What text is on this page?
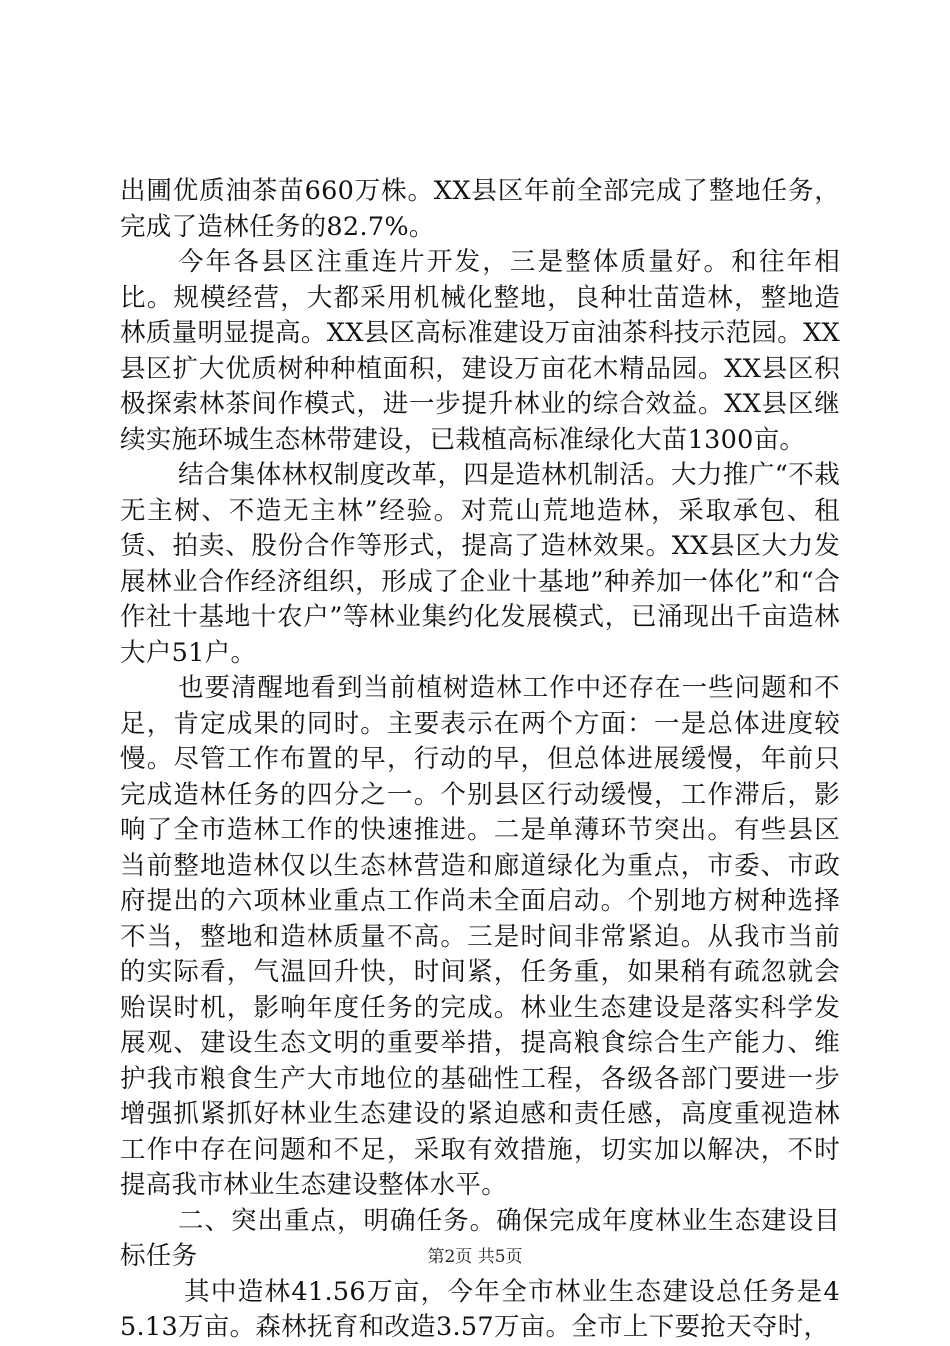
出圃优质油茶苗660万株。XX县区年前全部完成了整地任务，完成了造林任务的82.7%。

今年各县区注重连片开发，三是整体质量好。和往年相比。规模经营，大都采用机械化整地，良种壮苗造林，整地造林质量明显提高。XX县区高标准建设万亩油茶科技示范园。XX县区扩大优质树种种植面积，建设万亩花木精品园。XX县区积极探索林茶间作模式，进一步提升林业的综合效益。XX县区继续实施环城生态林带建设，已栽植高标准绿化大苗1300亩。

结合集体林权制度改革，四是造林机制活。大力推广“不栽无主树、不造无主林”经验。对荒山荒地造林，采取承包、租赁、拍卖、股份合作等形式，提高了造林效果。XX县区大力发展林业合作经济组织，形成了企业十基地”种养加一体化”和“合作社十基地十农户”等林业集约化发展模式，已涌现出千亩造林大户51户。

也要清醒地看到当前植树造林工作中还存在一些问题和不足，肯定成果的同时。主要表示在两个方面：一是总体进度较慢。尽管工作布置的早，行动的早，但总体进展缓慢，年前只完成造林任务的四分之一。个别县区行动缓慢，工作滞后，影响了全市造林工作的快速推进。二是单薄环节突出。有些县区当前整地造林仅以生态林营造和廊道绿化为重点，市委、市政府提出的六项林业重点工作尚未全面启动。个别地方树种选择不当，整地和造林质量不高。三是时间非常紧迫。从我市当前的实际看，气温回升快，时间紧，任务重，如果稍有疏忽就会贻误时机，影响年度任务的完成。林业生态建设是落实科学发展观、建设生态文明的重要举措，提高粮食综合生产能力、维护我市粮食生产大市地位的基础性工程，各级各部门要进一步增强抓紧抓好林业生态建设的紧迫感和责任感，高度重视造林工作中存在问题和不足，采取有效措施，切实加以解决，不时提高我市林业生态建设整体水平。

二、突出重点，明确任务。确保完成年度林业生态建设目标任务

其中造林41.56万亩，今年全市林业生态建设总任务是45.13万亩。森林抚育和改造3.57万亩。全市上下要抢天夺时，

第2页 共5页
